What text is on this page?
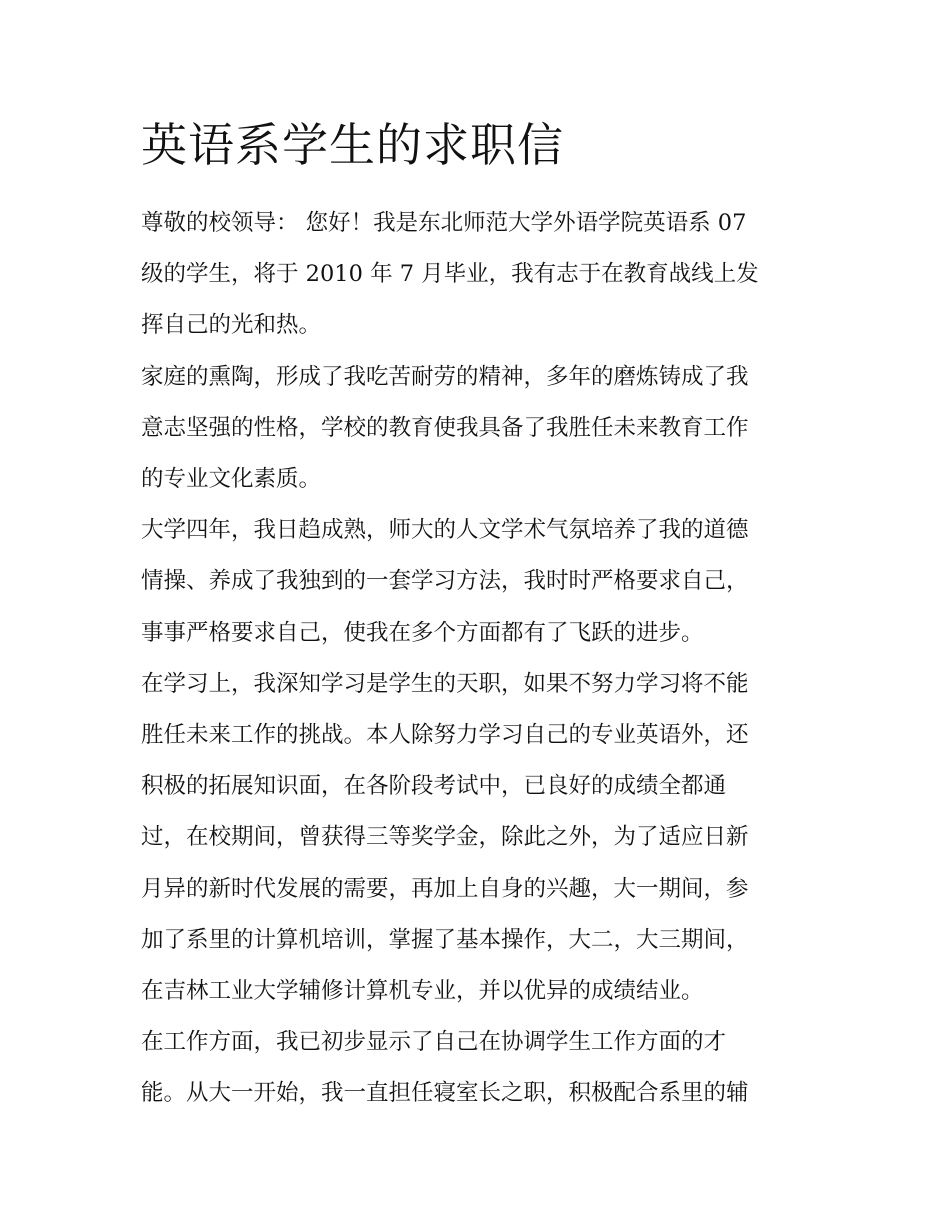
英语系学生的求职信

尊敬的校领导： 您好！我是东北师范大学外语学院英语系 07
级的学生，将于 2010 年 7 月毕业，我有志于在教育战线上发
挥自己的光和热。

家庭的熏陶，形成了我吃苦耐劳的精神，多年的磨炼铸成了我
意志坚强的性格，学校的教育使我具备了我胜任未来教育工作
的专业文化素质。

大学四年，我日趋成熟，师大的人文学术气氛培养了我的道德
情操、养成了我独到的一套学习方法，我时时严格要求自己，
事事严格要求自己，使我在多个方面都有了飞跃的进步。

在学习上，我深知学习是学生的天职，如果不努力学习将不能
胜任未来工作的挑战。本人除努力学习自己的专业英语外，还
积极的拓展知识面，在各阶段考试中，已良好的成绩全都通
过，在校期间，曾获得三等奖学金，除此之外，为了适应日新
月异的新时代发展的需要，再加上自身的兴趣，大一期间，参
加了系里的计算机培训，掌握了基本操作，大二，大三期间，
在吉林工业大学辅修计算机专业，并以优异的成绩结业。

在工作方面，我已初步显示了自己在协调学生工作方面的才
能。从大一开始，我一直担任寝室长之职，积极配合系里的辅
